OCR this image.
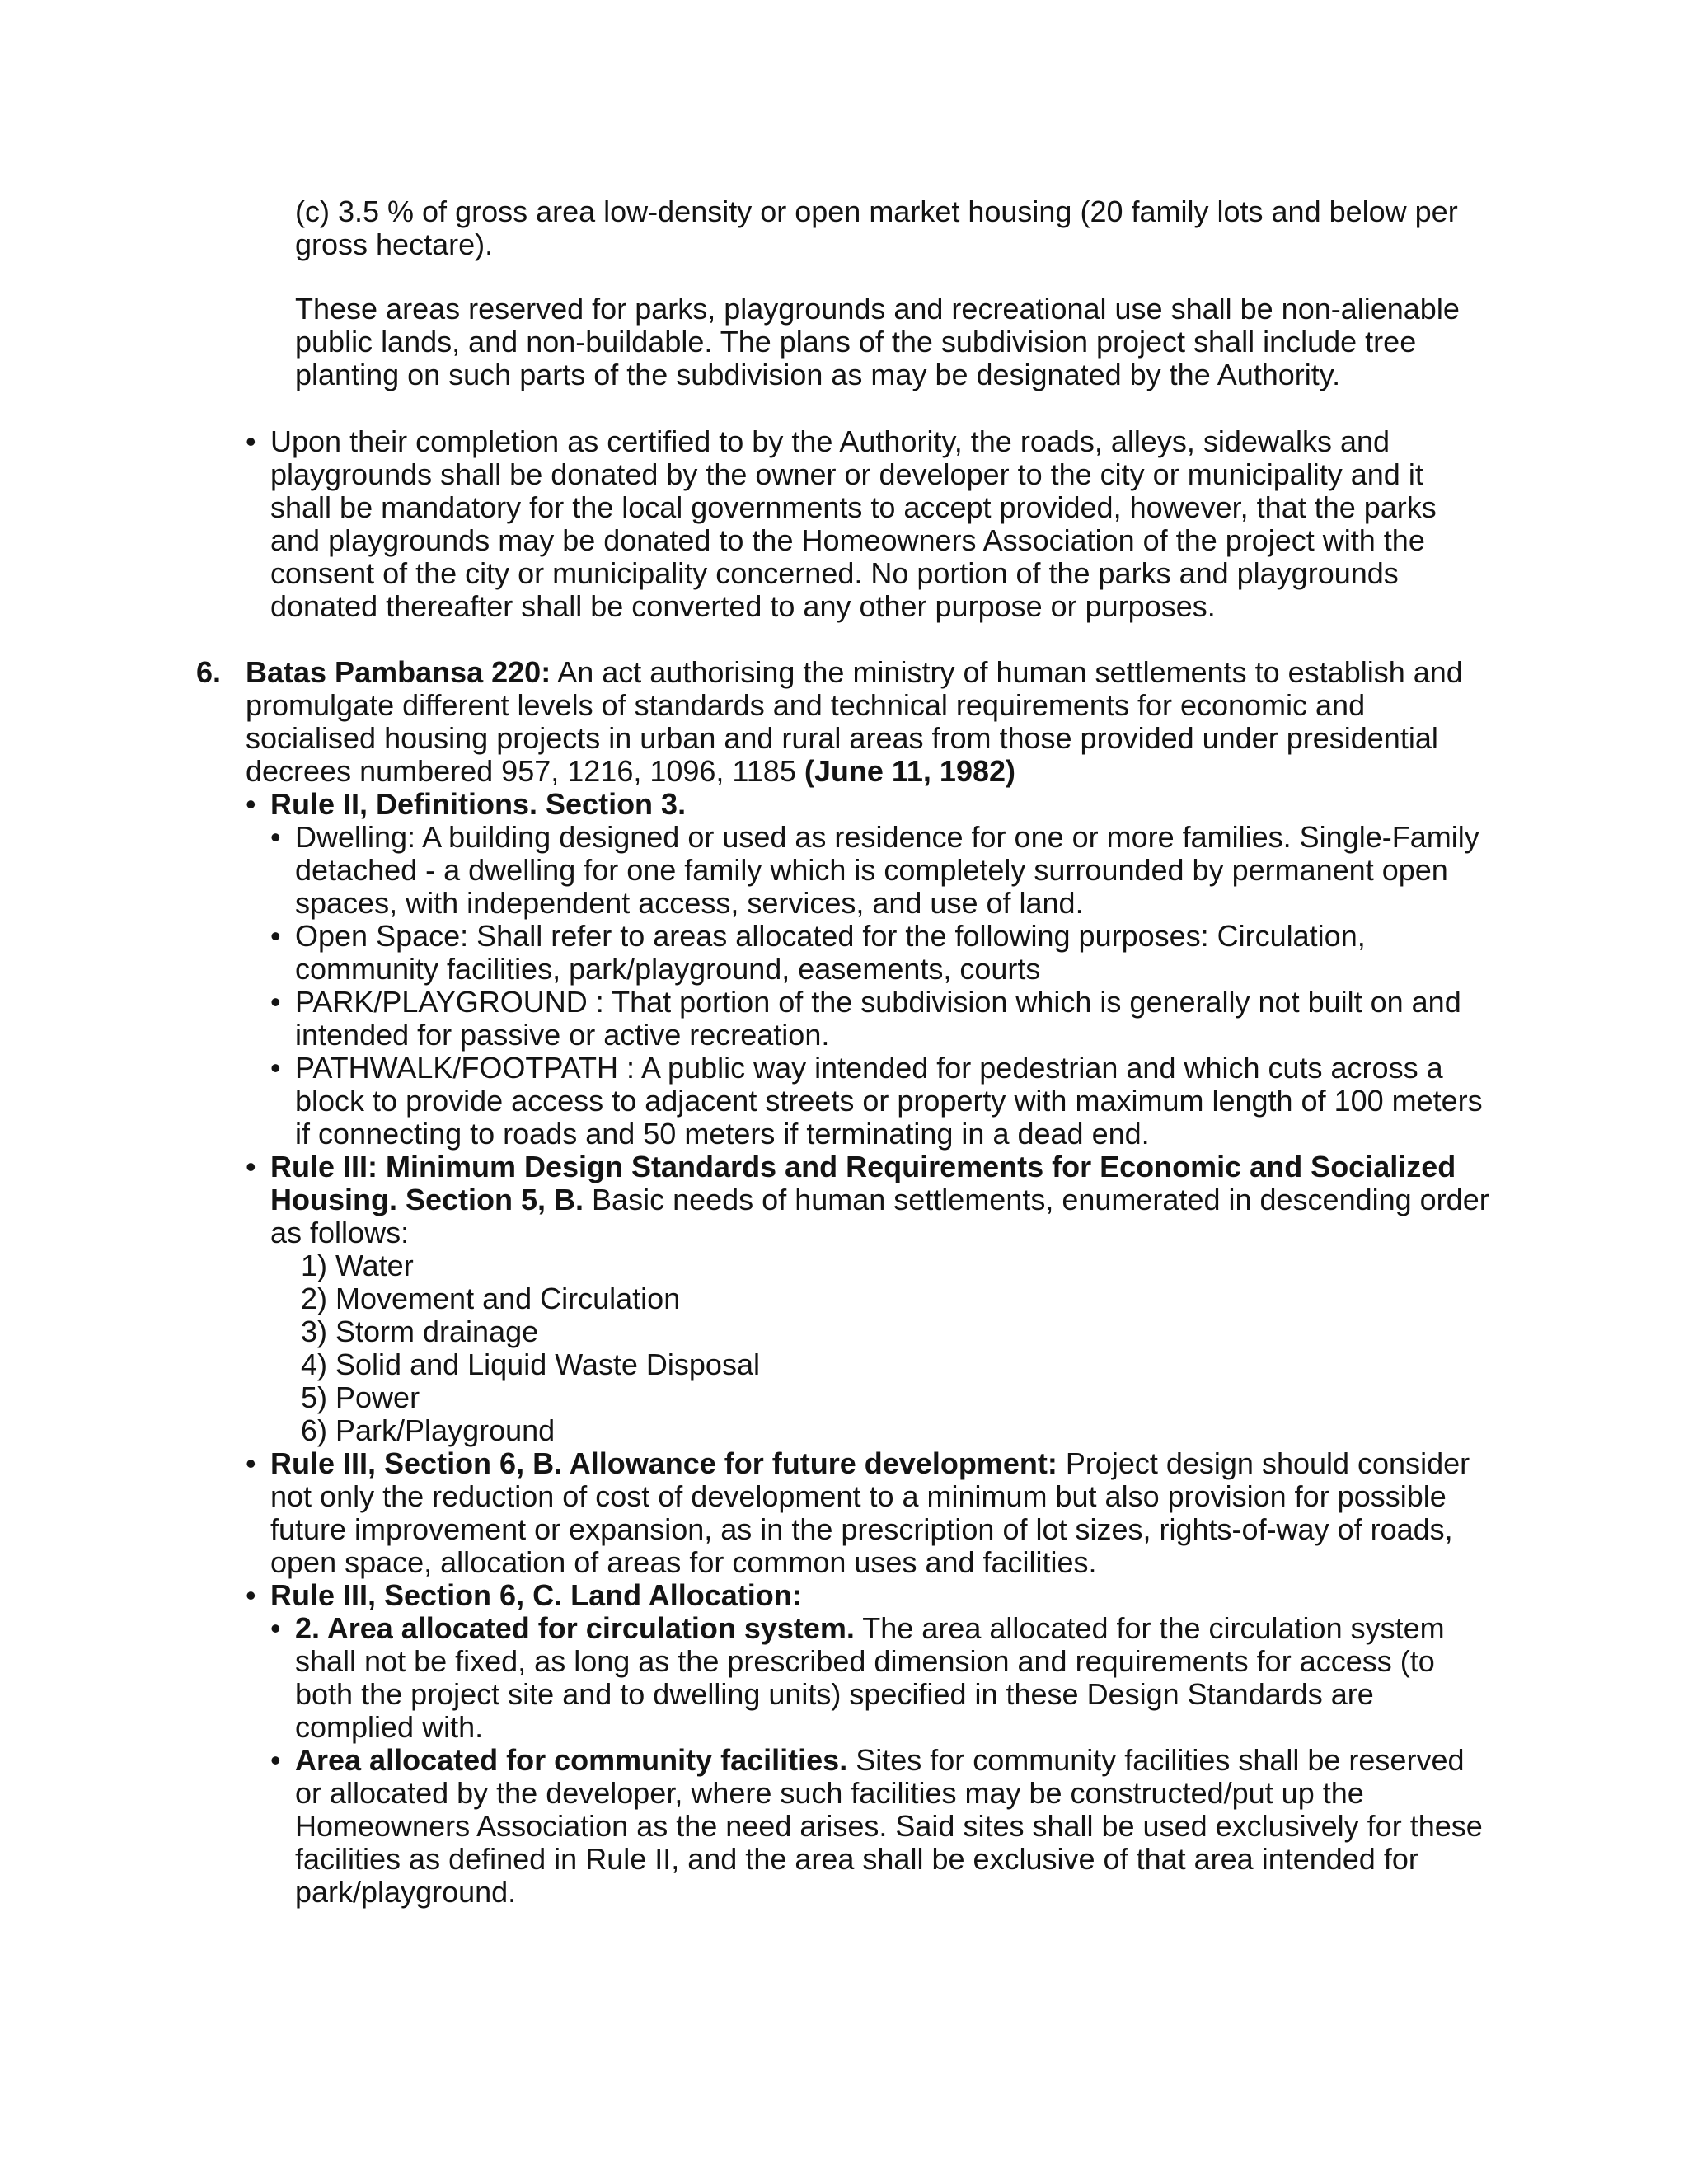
(c) 3.5 % of gross area low-density or open market housing (20 family lots and below per gross hectare).

These areas reserved for parks, playgrounds and recreational use shall be non-alienable public lands, and non-buildable. The plans of the subdivision project shall include tree planting on such parts of the subdivision as may be designated by the Authority.

• Upon their completion as certified to by the Authority, the roads, alleys, sidewalks and playgrounds shall be donated by the owner or developer to the city or municipality and it shall be mandatory for the local governments to accept provided, however, that the parks and playgrounds may be donated to the Homeowners Association of the project with the consent of the city or municipality concerned. No portion of the parks and playgrounds donated thereafter shall be converted to any other purpose or purposes.
6. Batas Pambansa 220: An act authorising the ministry of human settlements to establish and promulgate different levels of standards and technical requirements for economic and socialised housing projects in urban and rural areas from those provided under presidential decrees numbered 957, 1216, 1096, 1185 (June 11, 1982)

• Rule II, Definitions. Section 3.
• Dwelling: A building designed or used as residence for one or more families. Single-Family detached - a dwelling for one family which is completely surrounded by permanent open spaces, with independent access, services, and use of land.
• Open Space: Shall refer to areas allocated for the following purposes: Circulation, community facilities, park/playground, easements, courts
• PARK/PLAYGROUND : That portion of the subdivision which is generally not built on and intended for passive or active recreation.
• PATHWALK/FOOTPATH : A public way intended for pedestrian and which cuts across a block to provide access to adjacent streets or property with maximum length of 100 meters if connecting to roads and 50 meters if terminating in a dead end.
• Rule III: Minimum Design Standards and Requirements for Economic and Socialized Housing. Section 5, B. Basic needs of human settlements, enumerated in descending order as follows:
1) Water
2) Movement and Circulation
3) Storm drainage
4) Solid and Liquid Waste Disposal
5) Power
6) Park/Playground
• Rule III, Section 6, B. Allowance for future development: Project design should consider not only the reduction of cost of development to a minimum but also provision for possible future improvement or expansion, as in the prescription of lot sizes, rights-of-way of roads, open space, allocation of areas for common uses and facilities.
• Rule III, Section 6, C. Land Allocation:
• 2. Area allocated for circulation system. The area allocated for the circulation system shall not be fixed, as long as the prescribed dimension and requirements for access (to both the project site and to dwelling units) specified in these Design Standards are complied with.
• Area allocated for community facilities. Sites for community facilities shall be reserved or allocated by the developer, where such facilities may be constructed/put up the Homeowners Association as the need arises. Said sites shall be used exclusively for these facilities as defined in Rule II, and the area shall be exclusive of that area intended for park/playground.
